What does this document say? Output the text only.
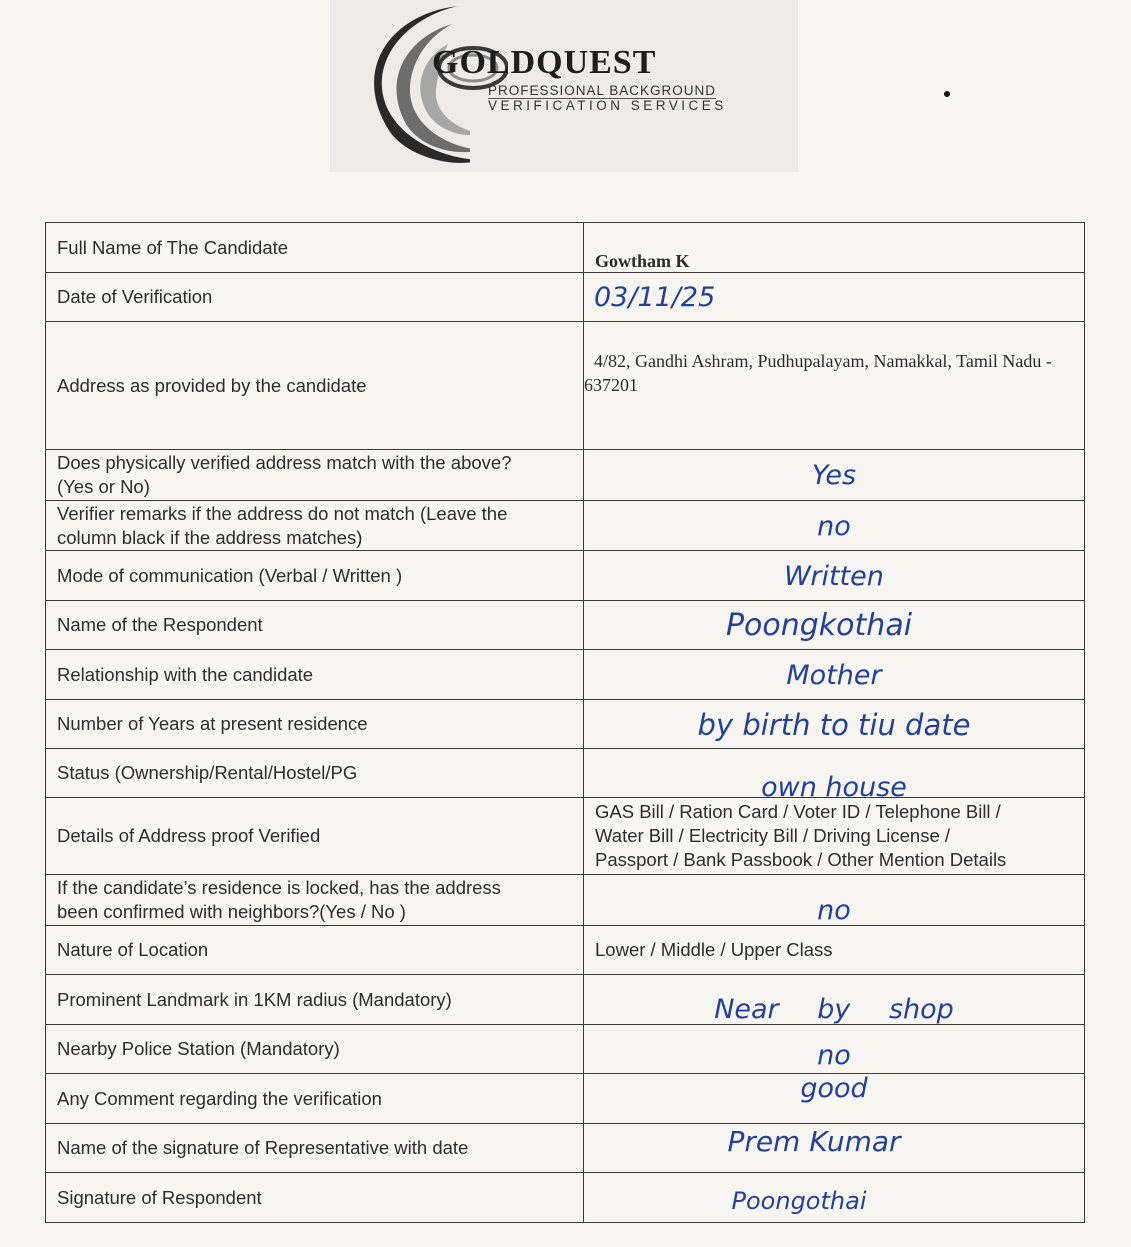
GOLDQUEST
PROFESSIONAL BACKGROUND
VERIFICATION SERVICES
Full Name of The Candidate	Gowtham K

Date of Verification	03/11/25

Address as provided by the candidate	4/82, Gandhi Ashram, Pudhupalayam, Namakkal, Tamil Nadu - 637201

Does physically verified address match with the above?
(Yes or No)	Yes

Verifier remarks if the address do not match (Leave the
column black if the address matches)	no

Mode of communication (Verbal / Written )	Written

Name of the Respondent	Poongkothai

Relationship with the candidate	Mother

Number of Years at present residence	by birth to tiu date

Status (Ownership/Rental/Hostel/PG	own house

Details of Address proof Verified	GAS Bill / Ration Card / Voter ID / Telephone Bill /
Water Bill / Electricity Bill / Driving License /
Passport / Bank Passbook / Other Mention Details

If the candidate’s residence is locked, has the address
been confirmed with neighbors?(Yes / No )	no

Nature of Location	Lower / Middle / Upper Class
Prominent Landmark in 1KM radius (Mandatory)	Near by shop

Nearby Police Station (Mandatory)	no

Any Comment regarding the verification	good

Name of the signature of Representative with date	Prem Kumar

Signature of Respondent	Poongothai
